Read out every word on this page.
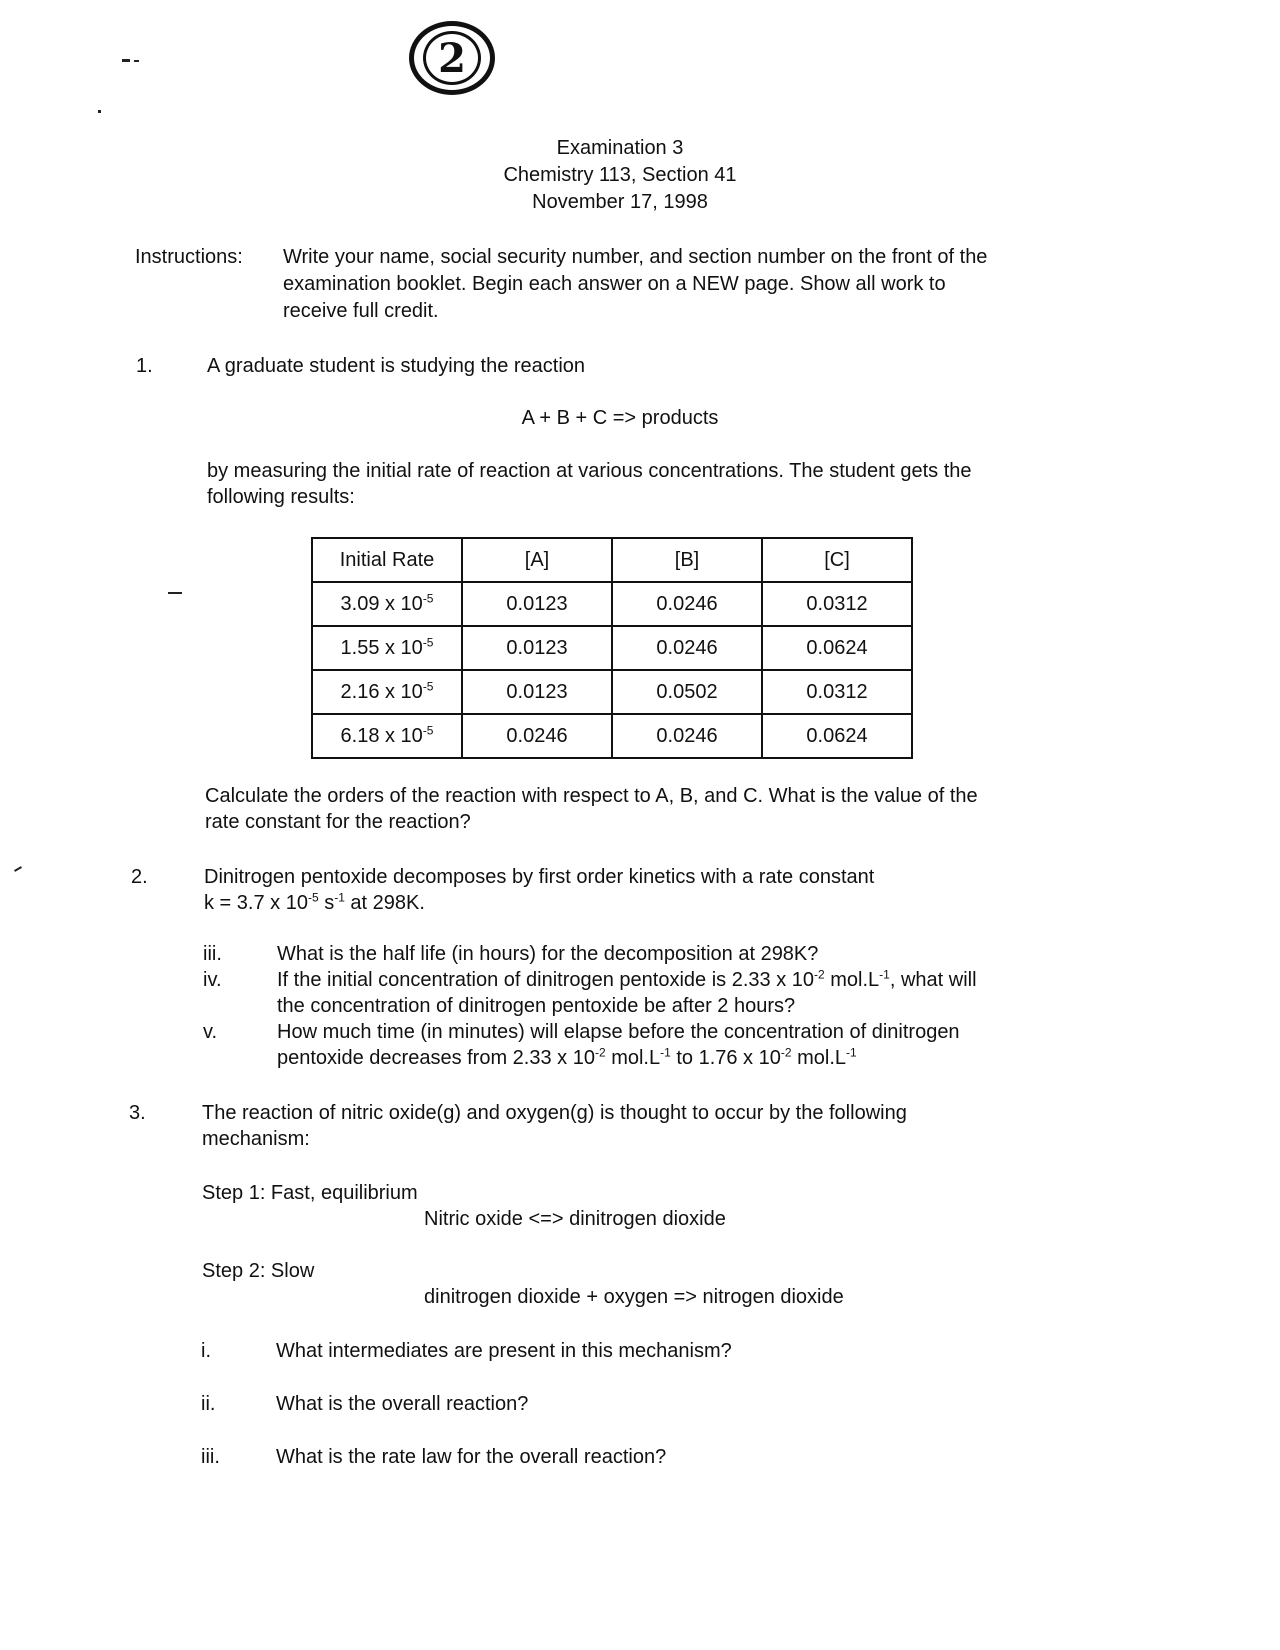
2
Examination 3
Chemistry 113, Section 41
November 17, 1998
Instructions: Write your name, social security number, and section number on the front of the
examination booklet. Begin each answer on a NEW page. Show all work to
receive full credit.
1.	A graduate student is studying the reaction
A + B + C => products
by measuring the initial rate of reaction at various concentrations. The student gets the
following results:
Initial Rate	[A]	[B]	[C]
3.09 x $10^{-5}$	0.0123	0.0246	0.0312
1.55 x $10^{-5}$	0.0123	0.0246	0.0624
2.16 x $10^{-5}$	0.0123	0.0502	0.0312
6.18 x $10^{-5}$	0.0246	0.0246	0.0624
Calculate the orders of the reaction with respect to A, B, and C. What is the value of the
rate constant for the reaction?
2.	Dinitrogen pentoxide decomposes by first order kinetics with a rate constant
k = 3.7 x $10^{-5}$ $s^{-1}$ at 298K.
iii.	What is the half life (in hours) for the decomposition at 298K?
iv.	If the initial concentration of dinitrogen pentoxide is 2.33 x $10^{-2}$ $mol.L^{-1}$, what will
the concentration of dinitrogen pentoxide be after 2 hours?
v.	How much time (in minutes) will elapse before the concentration of dinitrogen
pentoxide decreases from 2.33 x $10^{-2}$ $mol.L^{-1}$ to 1.76 x $10^{-2}$ $mol.L^{-1}$
3.	The reaction of nitric oxide(g) and oxygen(g) is thought to occur by the following
mechanism:
Step 1: Fast, equilibrium
Nitric oxide <=> dinitrogen dioxide
Step 2: Slow
dinitrogen dioxide + oxygen => nitrogen dioxide
i.	What intermediates are present in this mechanism?
ii.	What is the overall reaction?
iii.	What is the rate law for the overall reaction?
